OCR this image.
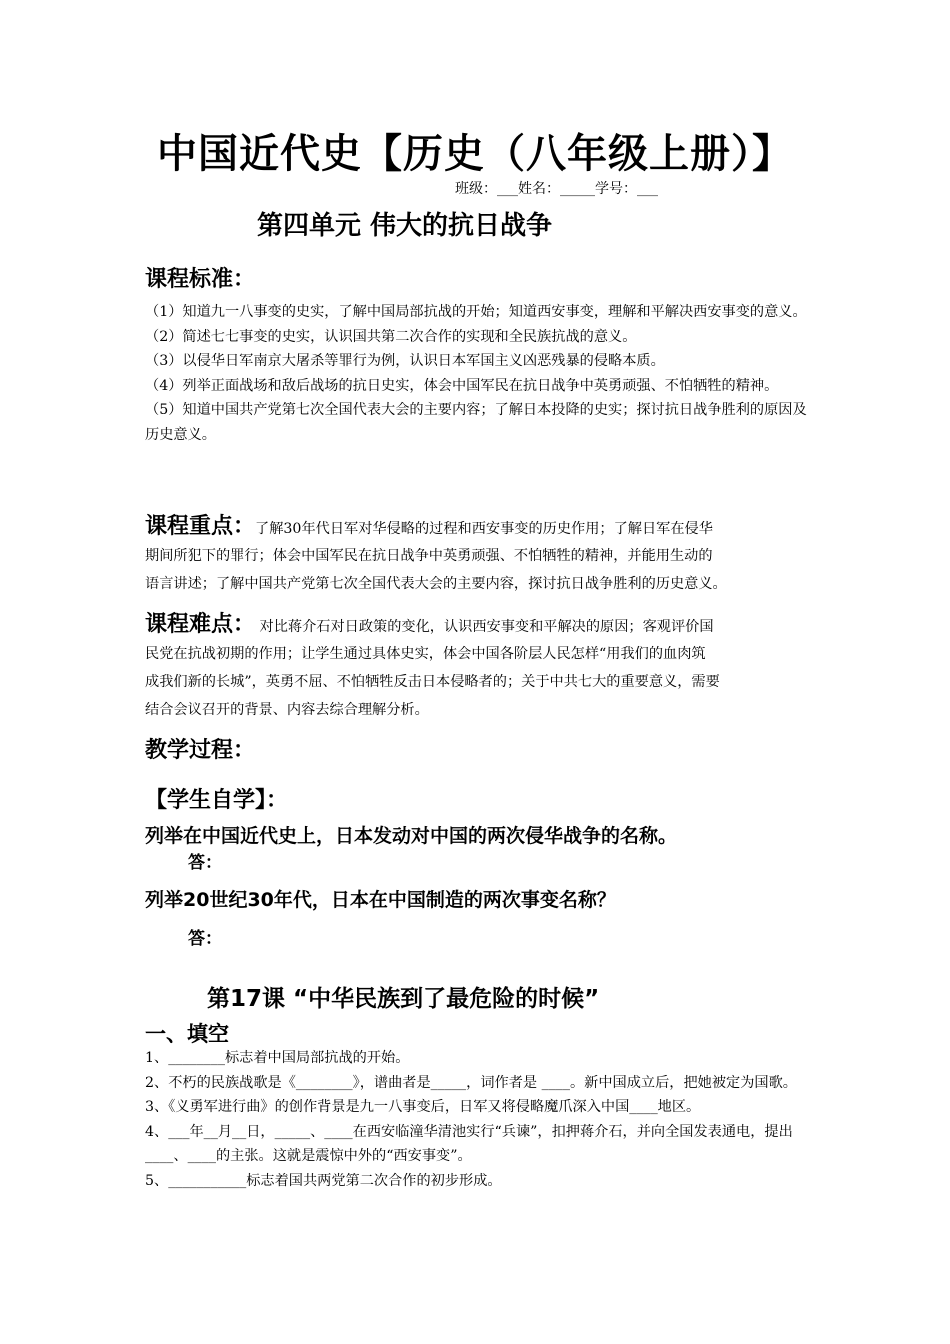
中国近代史【历史（八年级上册）】
班级：___姓名：_____学号：___
第四单元 伟大的抗日战争
课程标准：

（1）知道九一八事变的史实，了解中国局部抗战的开始；知道西安事变，理解和平解决西安事变的意义。

（2）简述七七事变的史实，认识国共第二次合作的实现和全民族抗战的意义。

（3）以侵华日军南京大屠杀等罪行为例，认识日本军国主义凶恶残暴的侵略本质。

（4）列举正面战场和敌后战场的抗日史实，体会中国军民在抗日战争中英勇顽强、不怕牺牲的精神。

（5）知道中国共产党第七次全国代表大会的主要内容；了解日本投降的史实；探讨抗日战争胜利的原因及历史意义。

课程重点：了解30年代日军对华侵略的过程和西安事变的历史作用；了解日军在侵华
期间所犯下的罪行；体会中国军民在抗日战争中英勇顽强、不怕牺牲的精神，并能用生动的
语言讲述；了解中国共产党第七次全国代表大会的主要内容，探讨抗日战争胜利的历史意义。
课程难点： 对比蒋介石对日政策的变化，认识西安事变和平解决的原因；客观评价国
民党在抗战初期的作用；让学生通过具体史实，体会中国各阶层人民怎样“用我们的血肉筑
成我们新的长城”，英勇不屈、不怕牺牲反击日本侵略者的；关于中共七大的重要意义，需要
结合会议召开的背景、内容去综合理解分析。
教学过程：
【学生自学】：
列举在中国近代史上，日本发动对中国的两次侵华战争的名称。
答：
列举20世纪30年代，日本在中国制造的两次事变名称？
答：
第17课 “中华民族到了最危险的时候”
一、填空

1、________标志着中国局部抗战的开始。

2、不朽的民族战歌是《________》，谱曲者是_____，词作者是 ____。新中国成立后，把她被定为国歌。

3、《义勇军进行曲》的创作背景是九一八事变后，日军又将侵略魔爪深入中国____地区。

4、___年__月__日，_____、____在西安临潼华清池实行“兵谏”，扣押蒋介石，并向全国发表通电，提出____、____的主张。这就是震惊中外的“西安事变”。

5、___________标志着国共两党第二次合作的初步形成。
